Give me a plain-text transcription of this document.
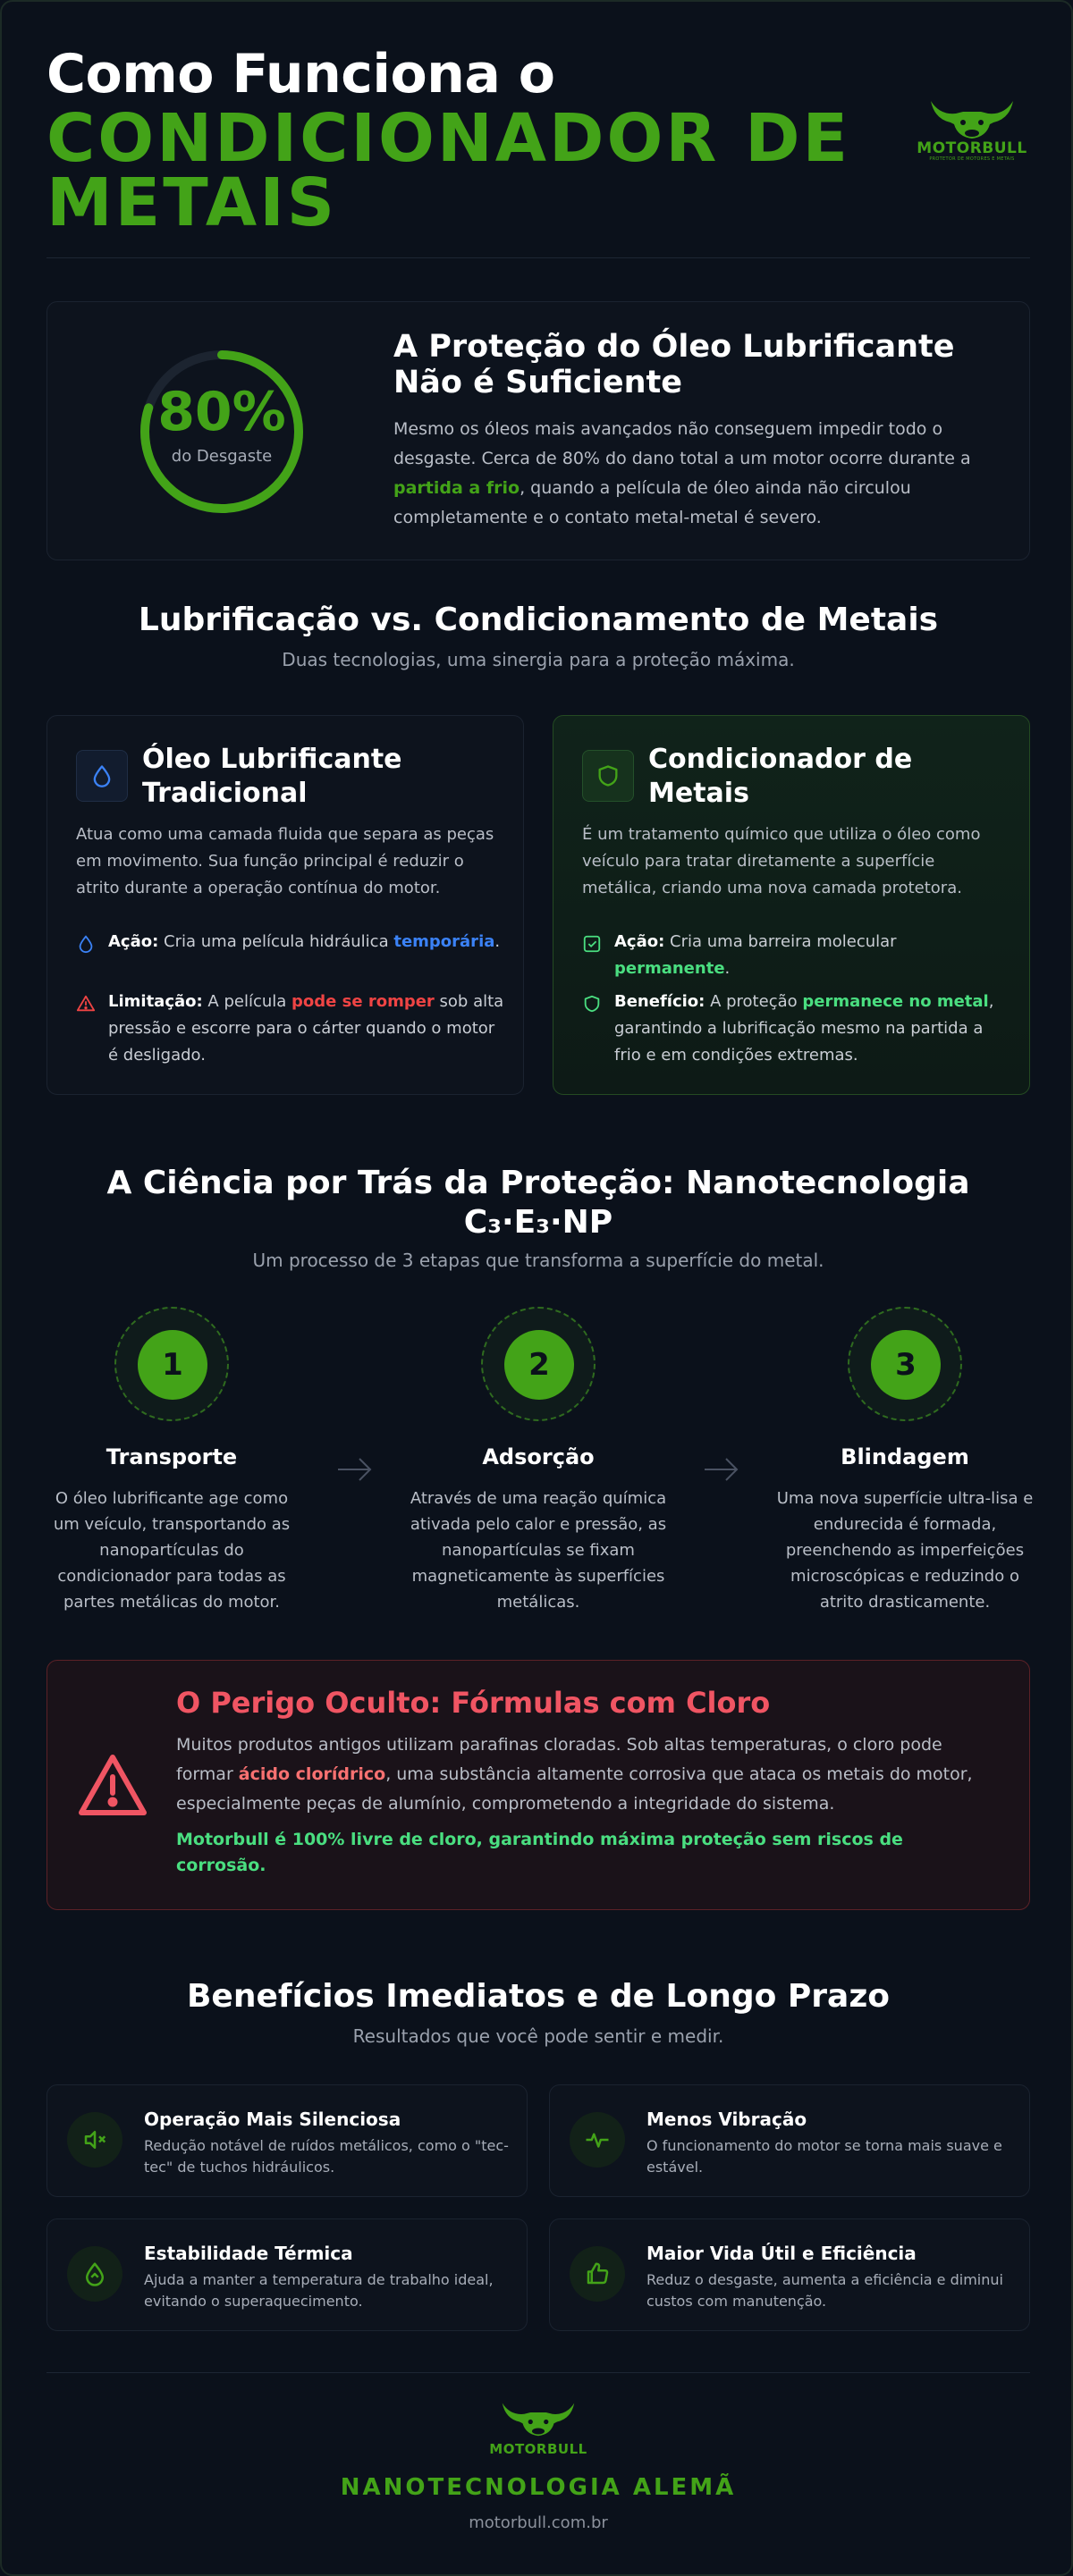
Como Funciona o
CONDICIONADOR DE METAIS
MOTORBULL
PROTETOR DE MOTORES E METAIS
80%
do Desgaste
A Proteção do Óleo Lubrificante Não é Suficiente
Mesmo os óleos mais avançados não conseguem impedir todo o desgaste. Cerca de 80% do dano total a um motor ocorre durante a partida a frio, quando a película de óleo ainda não circulou completamente e o contato metal-metal é severo.
Lubrificação vs. Condicionamento de Metais
Duas tecnologias, uma sinergia para a proteção máxima.
Óleo Lubrificante Tradicional
Atua como uma camada fluida que separa as peças em movimento. Sua função principal é reduzir o atrito durante a operação contínua do motor.
Ação: Cria uma película hidráulica temporária.
Limitação: A película pode se romper sob alta pressão e escorre para o cárter quando o motor é desligado.
Condicionador de Metais
É um tratamento químico que utiliza o óleo como veículo para tratar diretamente a superfície metálica, criando uma nova camada protetora.
Ação: Cria uma barreira molecular permanente.
Benefício: A proteção permanece no metal, garantindo a lubrificação mesmo na partida a frio e em condições extremas.
A Ciência por Trás da Proteção: Nanotecnologia C₃·E₃·NP
Um processo de 3 etapas que transforma a superfície do metal.
1
Transporte
O óleo lubrificante age como um veículo, transportando as nanopartículas do condicionador para todas as partes metálicas do motor.
2
Adsorção
Através de uma reação química ativada pelo calor e pressão, as nanopartículas se fixam magneticamente às superfícies metálicas.
3
Blindagem
Uma nova superfície ultra-lisa e endurecida é formada, preenchendo as imperfeições microscópicas e reduzindo o atrito drasticamente.
O Perigo Oculto: Fórmulas com Cloro
Muitos produtos antigos utilizam parafinas cloradas. Sob altas temperaturas, o cloro pode formar ácido clorídrico, uma substância altamente corrosiva que ataca os metais do motor, especialmente peças de alumínio, comprometendo a integridade do sistema.
Motorbull é 100% livre de cloro, garantindo máxima proteção sem riscos de corrosão.
Benefícios Imediatos e de Longo Prazo
Resultados que você pode sentir e medir.
Operação Mais Silenciosa
Redução notável de ruídos metálicos, como o "tec-tec" de tuchos hidráulicos.
Menos Vibração
O funcionamento do motor se torna mais suave e estável.
Estabilidade Térmica
Ajuda a manter a temperatura de trabalho ideal, evitando o superaquecimento.
Maior Vida Útil e Eficiência
Reduz o desgaste, aumenta a eficiência e diminui custos com manutenção.
MOTORBULL
NANOTECNOLOGIA ALEMÃ
motorbull.com.br
